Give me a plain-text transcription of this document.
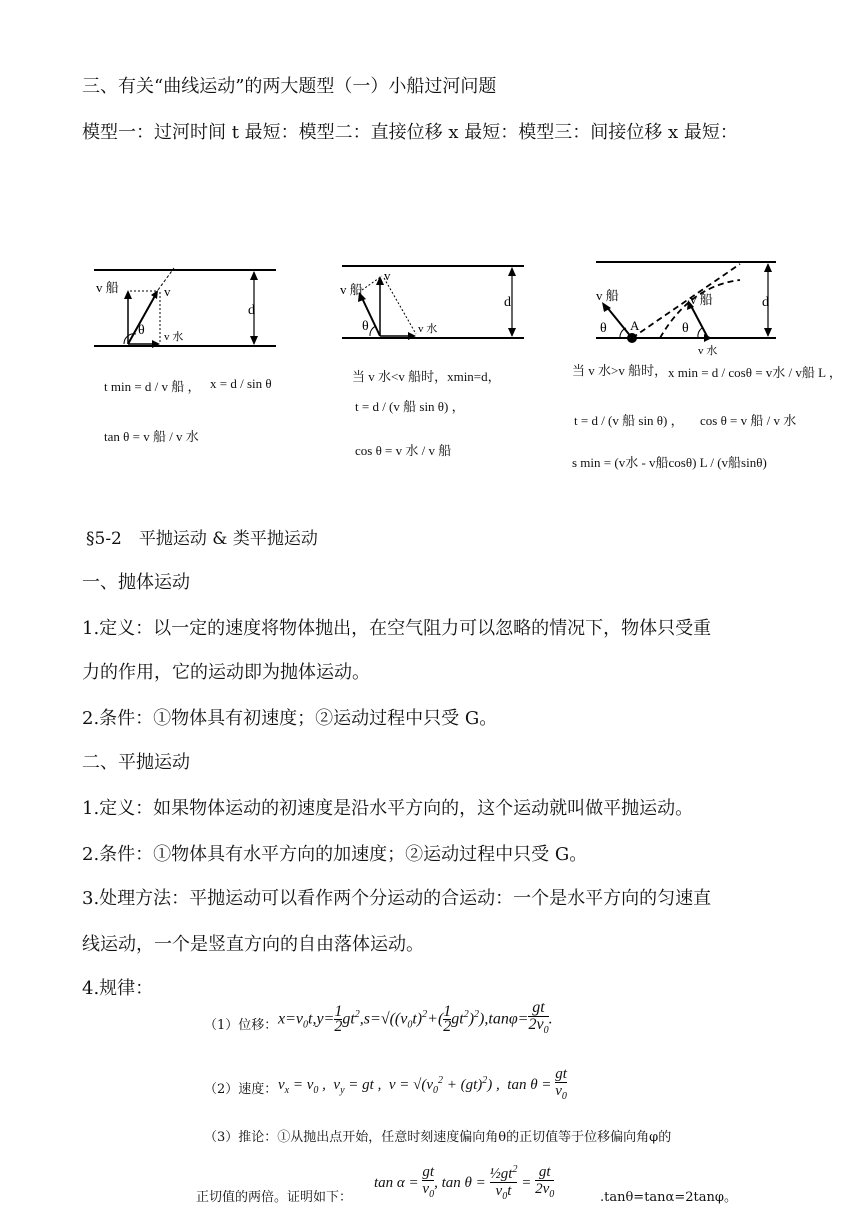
三、有关“曲线运动”的两大题型（一）小船过河问题
模型一：过河时间 t 最短：模型二：直接位移 x 最短：模型三：间接位移 x 最短：
v 船	v
v 水
θ
d
t min = d / v 船 ， x = d / sin θ
tan θ = v 船 / v 水
v 船
v
v 水
θ
d
当 v 水<v 船时，xmin=d，
t = d / (v 船 sin θ) ，
cos θ = v 水 / v 船
v 船	v 船
v 水
θ	θ
A
d
当 v 水>v 船时， x min = d / cosθ = v水 / v船 L ，
t = d / (v 船 sin θ) ， cos θ = v 船 / v 水
s min = (v水 - v船cosθ) L / (v船sinθ)
§5-2　平抛运动 & 类平抛运动
一、抛体运动
1.定义：以一定的速度将物体抛出，在空气阻力可以忽略的情况下，物体只受重
力的作用，它的运动即为抛体运动。
2.条件：①物体具有初速度；②运动过程中只受 G。
二、平抛运动
1.定义：如果物体运动的初速度是沿水平方向的，这个运动就叫做平抛运动。
2.条件：①物体具有水平方向的加速度；②运动过程中只受 G。
3.处理方法：平抛运动可以看作两个分运动的合运动：一个是水平方向的匀速直
线运动，一个是竖直方向的自由落体运动。
4.规律：
（1）位移： $x=v_0t,y= \frac{1}{2} gt^2,s=√((v_0t)^2+( \frac{1}{2} gt^2)^2),\tan\varphi= \frac{gt}{2v_0}$ .
（2）速度： $v_x = v_0$ ,  $v_y$ = gt ,  $v = √(v_0^2 + (gt)^2)$ ,  $\tan \theta = \frac{gt}{v_0}$
（3）推论：①从抛出点开始，任意时刻速度偏向角θ的正切值等于位移偏向角φ的
正切值的两倍。证明如下：
$\tan \alpha = \frac{gt}{v_0}$ , $\tan \theta = \frac{\frac{1}{2}gt^2}{v_0t} = \frac{gt}{2v_0}$	.tanθ=tanα=2tanφ。
